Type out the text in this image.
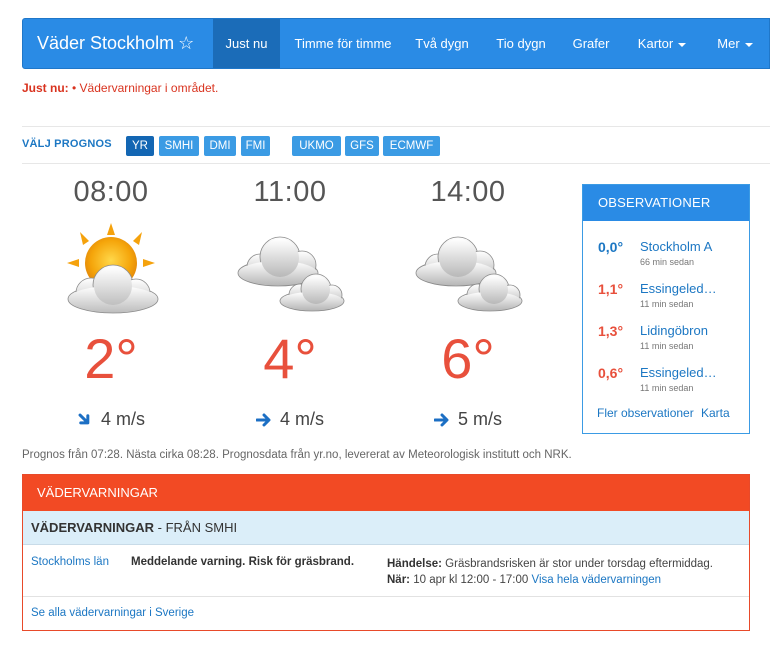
Väder Stockholm ☆	Just nu	Timme för timme	Två dygn	Tio dygn	Grafer	Kartor	Mer
Just nu: • Vädervarningar i området.
VÄLJ PROGNOS	YR	SMHI	DMI	FMI	UKMO	GFS	ECMWF
08:00
2°
4 m/s
11:00
4°
4 m/s
14:00
6°
5 m/s
OBSERVATIONER
0,0° Stockholm A
66 min sedan
1,1° Essingeled…
11 min sedan
1,3° Lidingöbron
11 min sedan
0,6° Essingeled…
11 min sedan
Fler observationer Karta
Prognos från 07:28. Nästa cirka 08:28. Prognosdata från yr.no, levererat av Meteorologisk institutt och NRK.
VÄDERVARNINGAR
VÄDERVARNINGAR - FRÅN SMHI
Stockholms län Meddelande varning. Risk för gräsbrand.	Händelse: Gräsbrandsrisken är stor under torsdag eftermiddag.
När: 10 apr kl 12:00 - 17:00 Visa hela vädervarningen
Se alla vädervarningar i Sverige
